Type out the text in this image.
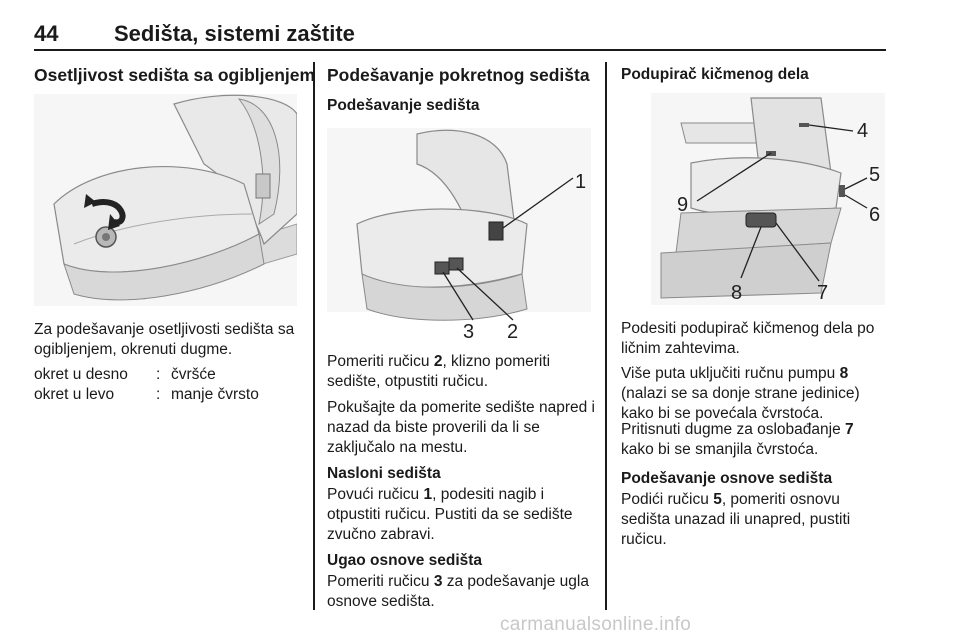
44	Sedišta, sistemi zaštite
Osetljivost sedišta sa ogibljenjem
Za podešavanje osetljivosti sedišta sa ogibljenjem, okrenuti dugme.
okret u desno	: čvršće
okret u levo	: manje čvrsto
Podešavanje pokretnog sedišta
Podešavanje sedišta
1
3 2
Pomeriti ručicu 2, klizno pomeriti sedište, otpustiti ručicu.
Pokušajte da pomerite sedište napred i nazad da biste proverili da li se zaključalo na mestu.
Nasloni sedišta
Povući ručicu 1, podesiti nagib i otpustiti ručicu. Pustiti da se sedište zvučno zabravi.
Ugao osnove sedišta
Pomeriti ručicu 3 za podešavanje ugla osnove sedišta.
Podupirač kičmenog dela
4
5
6
9
8	7
Podesiti podupirač kičmenog dela po ličnim zahtevima.
Više puta uključiti ručnu pumpu 8 (nalazi se sa donje strane jedinice) kako bi se povećala čvrstoća.
Pritisnuti dugme za oslobađanje 7 kako bi se smanjila čvrstoća.
Podešavanje osnove sedišta
Podići ručicu 5, pomeriti osnovu sedišta unazad ili unapred, pustiti ručicu.
carmanualsonline.info
